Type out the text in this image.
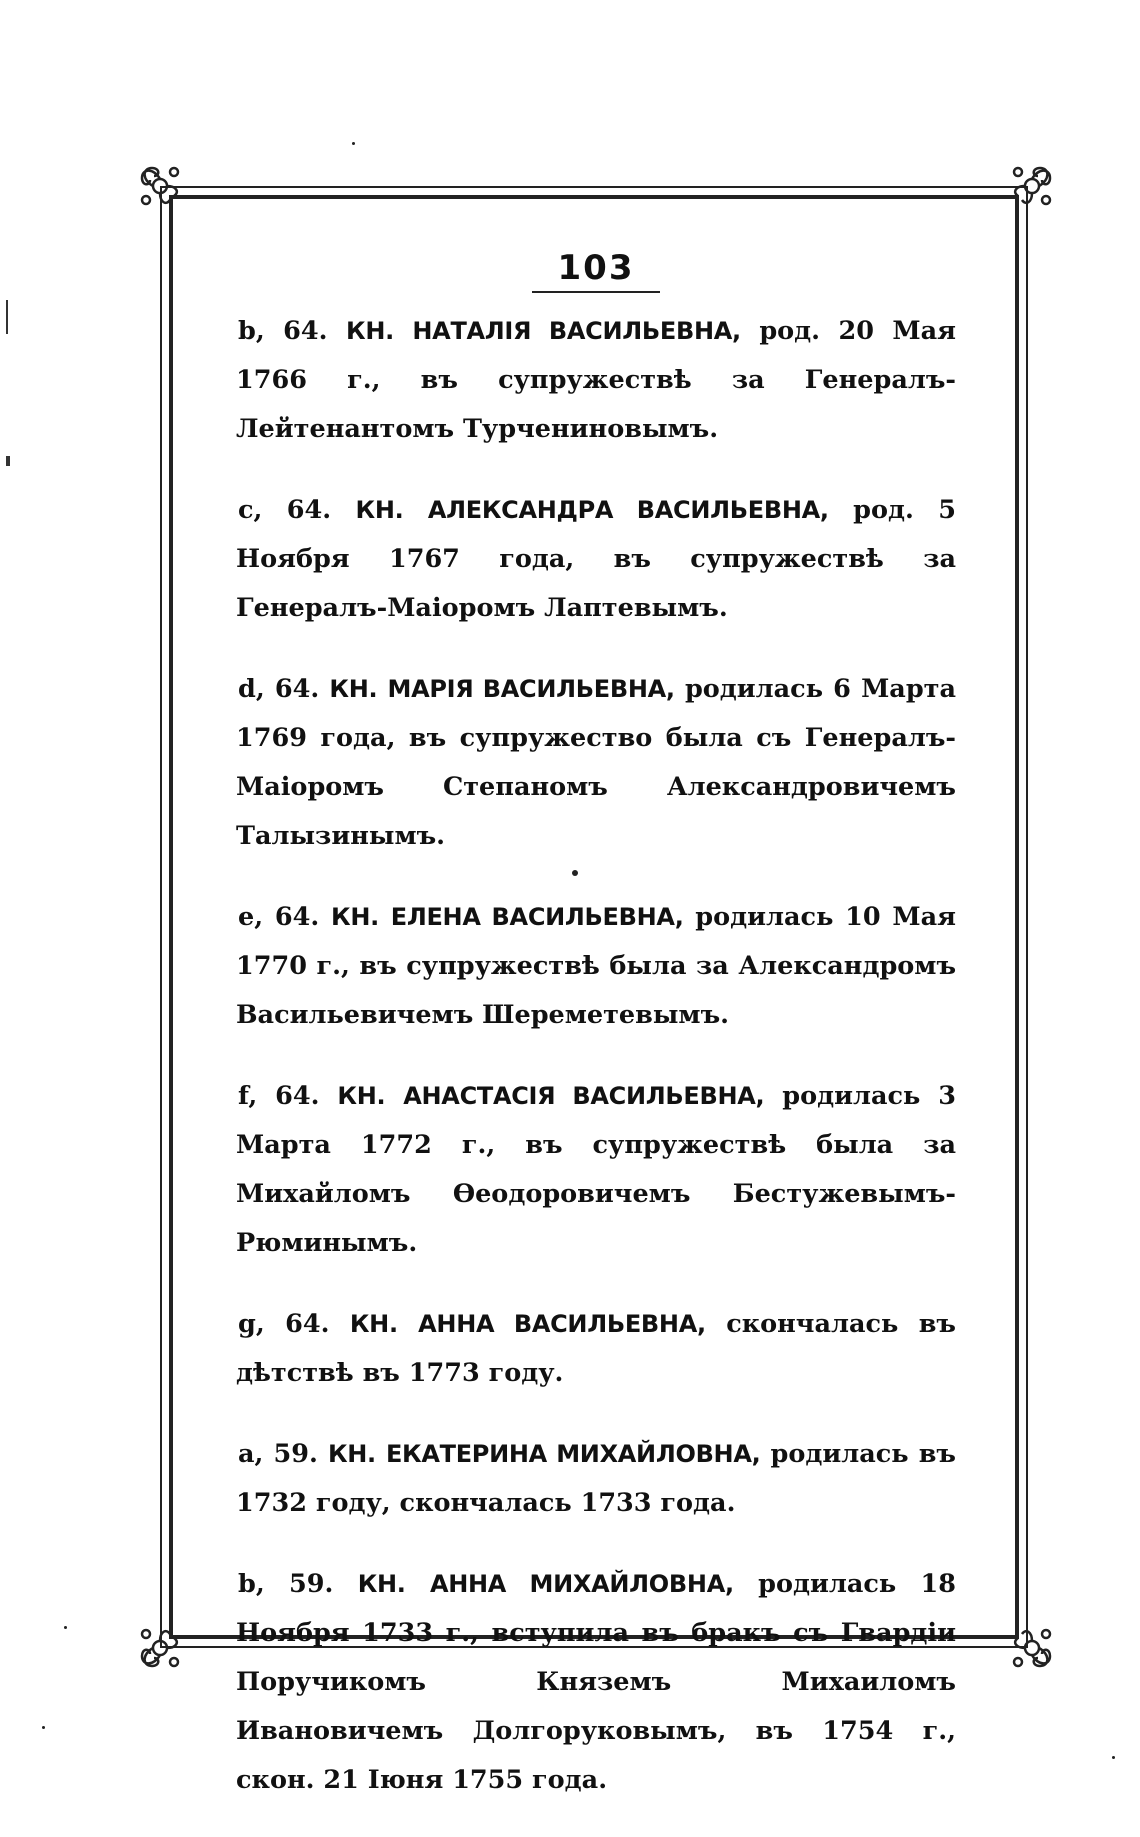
103

b, 64. КН. НАТАЛІЯ ВАСИЛЬЕВНА, род. 20 Мая 1766 г., въ супружествѣ за Генералъ-Лейтенантомъ Турчениновымъ.

c, 64. КН. АЛЕКСАНДРА ВАСИЛЬЕВНА, род. 5 Ноября 1767 года, въ супружествѣ за Генералъ-Маіоромъ Лаптевымъ.

d, 64. КН. МАРІЯ ВАСИЛЬЕВНА, родилась 6 Марта 1769 года, въ супружество была съ Генералъ-Маіоромъ Степаномъ Александровичемъ Талызинымъ.

e, 64. КН. ЕЛЕНА ВАСИЛЬЕВНА, родилась 10 Мая 1770 г., въ супружествѣ была за Александромъ Васильевичемъ Шереметевымъ.

f, 64. КН. АНАСТАСІЯ ВАСИЛЬЕВНА, родилась 3 Марта 1772 г., въ супружествѣ была за Михайломъ Өеодоровичемъ Бестужевымъ-Рюминымъ.

g, 64. КН. АННА ВАСИЛЬЕВНА, скончалась въ дѣтствѣ въ 1773 году.

a, 59. КН. ЕКАТЕРИНА МИХАЙЛОВНА, родилась въ 1732 году, скончалась 1733 года.

b, 59. КН. АННА МИХАЙЛОВНА, родилась 18 Ноября 1733 г., вступила въ бракъ съ Гвардіи Поручикомъ Княземъ Михаиломъ Ивановичемъ Долгоруковымъ, въ 1754 г., скон. 21 Іюня 1755 года.
